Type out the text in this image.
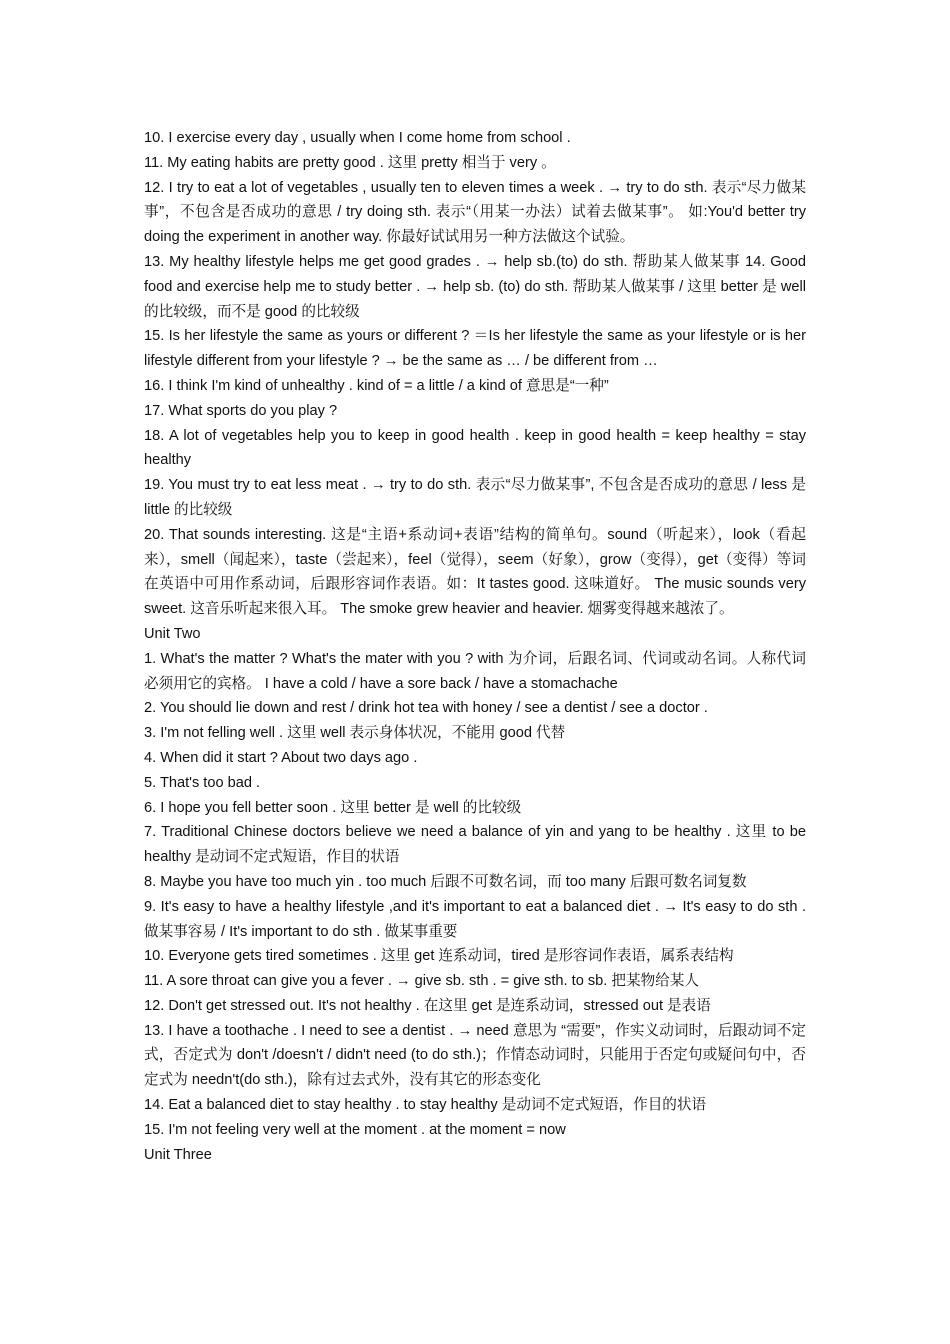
10. I exercise every day , usually when I come home from school .

11. My eating habits are pretty good . 这里 pretty 相当于 very 。

12. I try to eat a lot of vegetables , usually ten to eleven times a week . → try to do sth. 表示“尽力做某事”，不包含是否成功的意思 / try doing sth. 表示“（用某一办法）试着去做某事”。 如:You'd better try doing the experiment in another way. 你最好试试用另一种方法做这个试验。

13. My healthy lifestyle helps me get good grades . → help sb.(to) do sth. 帮助某人做某事 14. Good food and exercise help me to study better . → help sb. (to) do sth. 帮助某人做某事 / 这里 better 是 well 的比较级，而不是 good 的比较级

15. Is her lifestyle the same as yours or different ? ＝Is her lifestyle the same as your lifestyle or is her lifestyle different from your lifestyle ? → be the same as … / be different from …

16. I think I'm kind of unhealthy . kind of = a little / a kind of 意思是“一种”

17. What sports do you play ?

18. A lot of vegetables help you to keep in good health . keep in good health = keep healthy = stay healthy

19. You must try to eat less meat . → try to do sth. 表示“尽力做某事”, 不包含是否成功的意思 / less 是 little 的比较级

20. That sounds interesting. 这是“主语+系动词+表语”结构的简单句。sound（听起来），look（看起来），smell（闻起来），taste（尝起来），feel（觉得），seem（好象），grow（变得），get（变得）等词在英语中可用作系动词，后跟形容词作表语。如：It tastes good. 这味道好。 The music sounds very sweet. 这音乐听起来很入耳。 The smoke grew heavier and heavier. 烟雾变得越来越浓了。

Unit Two

1. What's the matter ? What's the mater with you ? with 为介词，后跟名词、代词或动名词。人称代词必须用它的宾格。 I have a cold / have a sore back / have a stomachache

2. You should lie down and rest / drink hot tea with honey / see a dentist / see a doctor .

3. I'm not felling well . 这里 well 表示身体状况，不能用 good 代替

4. When did it start ? About two days ago .

5. That's too bad .

6. I hope you fell better soon . 这里 better 是 well 的比较级

7. Traditional Chinese doctors believe we need a balance of yin and yang to be healthy . 这里 to be healthy 是动词不定式短语，作目的状语

8. Maybe you have too much yin . too much 后跟不可数名词，而 too many 后跟可数名词复数

9. It's easy to have a healthy lifestyle ,and it's important to eat a balanced diet . → It's easy to do sth . 做某事容易 / It's important to do sth . 做某事重要

10. Everyone gets tired sometimes . 这里 get 连系动词，tired 是形容词作表语，属系表结构

11. A sore throat can give you a fever . → give sb. sth . = give sth. to sb. 把某物给某人

12. Don't get stressed out. It's not healthy . 在这里 get 是连系动词，stressed out 是表语

13. I have a toothache . I need to see a dentist . → need 意思为 “需要”，作实义动词时，后跟动词不定式，否定式为 don't /doesn't / didn't need (to do sth.)；作情态动词时，只能用于否定句或疑问句中，否定式为 needn't(do sth.)，除有过去式外，没有其它的形态变化

14. Eat a balanced diet to stay healthy . to stay healthy 是动词不定式短语，作目的状语

15. I'm not feeling very well at the moment . at the moment = now

Unit Three
